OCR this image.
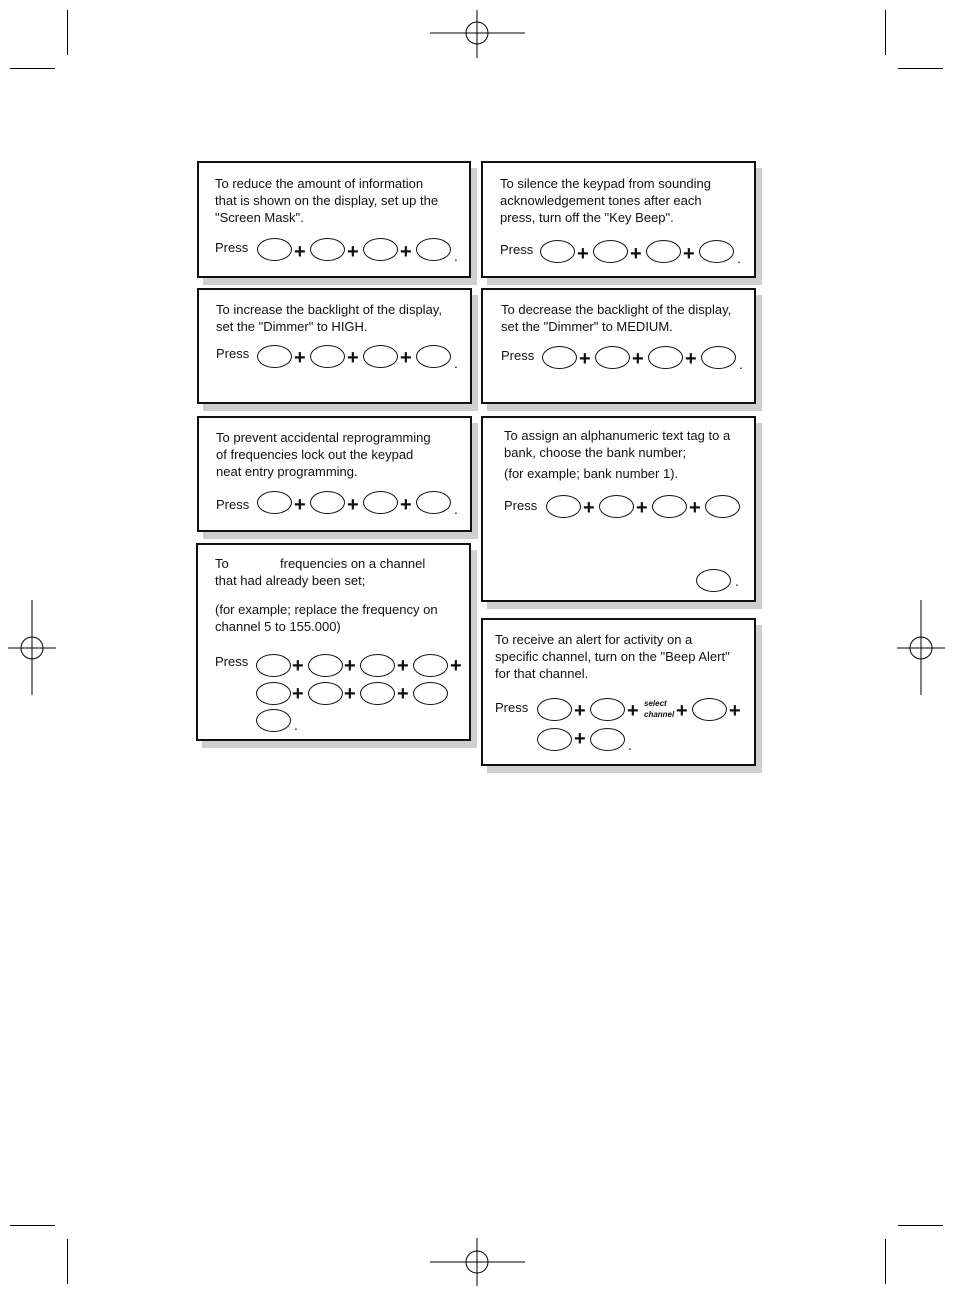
To reduce the amount of information
that is shown on the display, set up the
"Screen Mask".
Press + + +	.
To silence the keypad from sounding
acknowledgement tones after each
press, turn off the "Key Beep".
Press + + +	.
To increase the backlight of the display,
set the "Dimmer" to HIGH.
Press + + +	.
To decrease the backlight of the display,
set the "Dimmer" to MEDIUM.
Press + + +	.
To prevent accidental reprogramming
of frequencies lock out the keypad
neat entry programming.
Press + + +	.
To assign an alphanumeric text tag to a
bank, choose the bank number;
(for example; bank number 1).
Press + + +
.
To	frequencies on a channel
that had already been set;
(for example; replace the frequency on
channel 5 to 155.000)
Press + + + +
+ + +
.
To receive an alert for activity on a
specific channel, turn on the "Beep Alert"
for that channel.
Press + + select
channel + +
+	.
